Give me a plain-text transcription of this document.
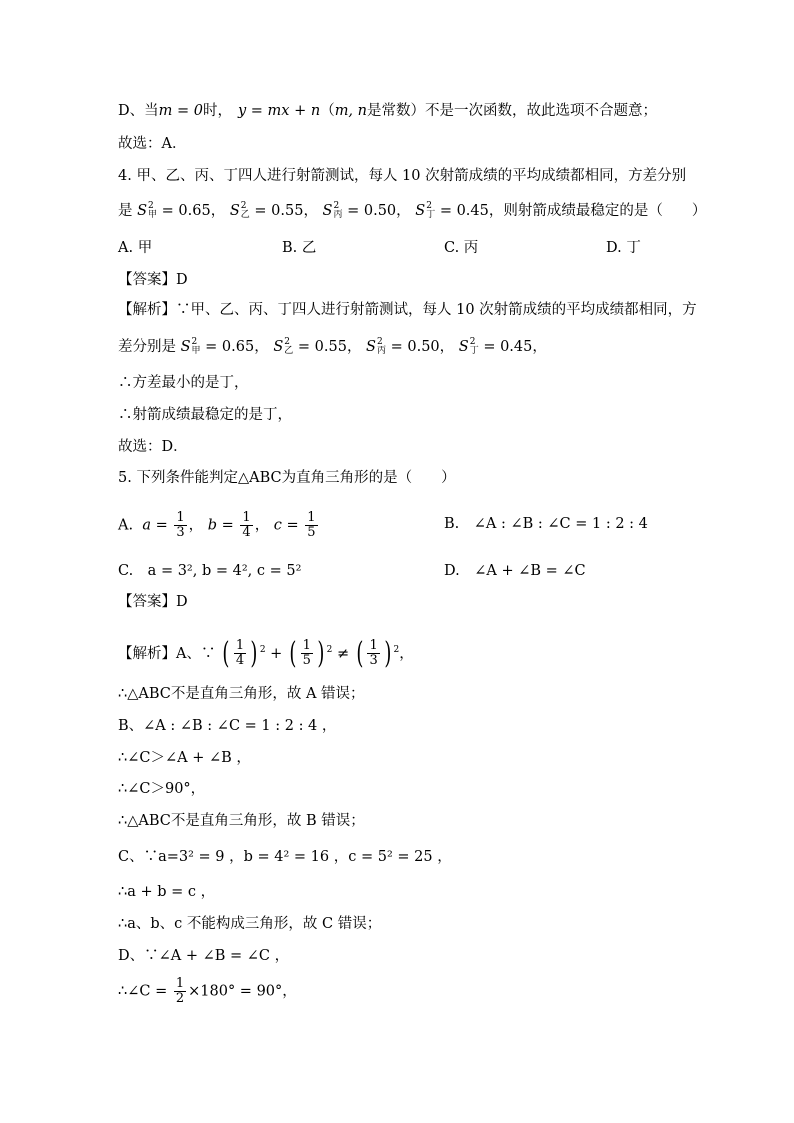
D、当m = 0时， y = mx + n（m, n是常数）不是一次函数，故此选项不合题意；
故选：A．
4. 甲、乙、丙、丁四人进行射箭测试，每人 10 次射箭成绩的平均成绩都相同，方差分别
是 S 2
甲 = 0.65， S 2
乙 = 0.55， S 2
丙 = 0.50， S 2
丁 = 0.45，则射箭成绩最稳定的是（　　）
A. 甲	B. 乙	C. 丙	D. 丁
【答案】D
【解析】∵甲、乙、丙、丁四人进行射箭测试，每人 10 次射箭成绩的平均成绩都相同，方
差分别是 S 2
甲 = 0.65， S 2
乙 = 0.55， S 2
丙 = 0.50， S 2
丁 = 0.45，
∴方差最小的是丁，
∴射箭成绩最稳定的是丁，
故选：D．
5. 下列条件能判定△ABC为直角三角形的是（　　）
A. $a = \frac{1}{3}$ ， $b = \frac{1}{4}$ ， $c = \frac{1}{5}$	B.　∠A : ∠B : ∠C = 1 : 2 : 4
C.　a = 3², b = 4², c = 5²	D.　∠A + ∠B = ∠C
【答案】D
【解析】A、∵ ( $\frac{1}{4}$ ) $^2$ + ( $\frac{1}{5}$ ) $^2$ ≠ ( $\frac{1}{3}$ ) $^2$，
∴△ABC不是直角三角形，故 A 错误；
B、∠A : ∠B : ∠C = 1 : 2 : 4 ，
∴∠C＞∠A + ∠B ，
∴∠C＞90°，
∴△ABC不是直角三角形，故 B 错误；
C、∵a=3² = 9 ，b = 4² = 16 ，c = 5² = 25 ，
∴a + b = c ，
∴a、b、c 不能构成三角形，故 C 错误；
D、∵∠A + ∠B = ∠C ，
∴∠C = $\frac{1}{2} \times 180^\circ = 90^\circ$，
